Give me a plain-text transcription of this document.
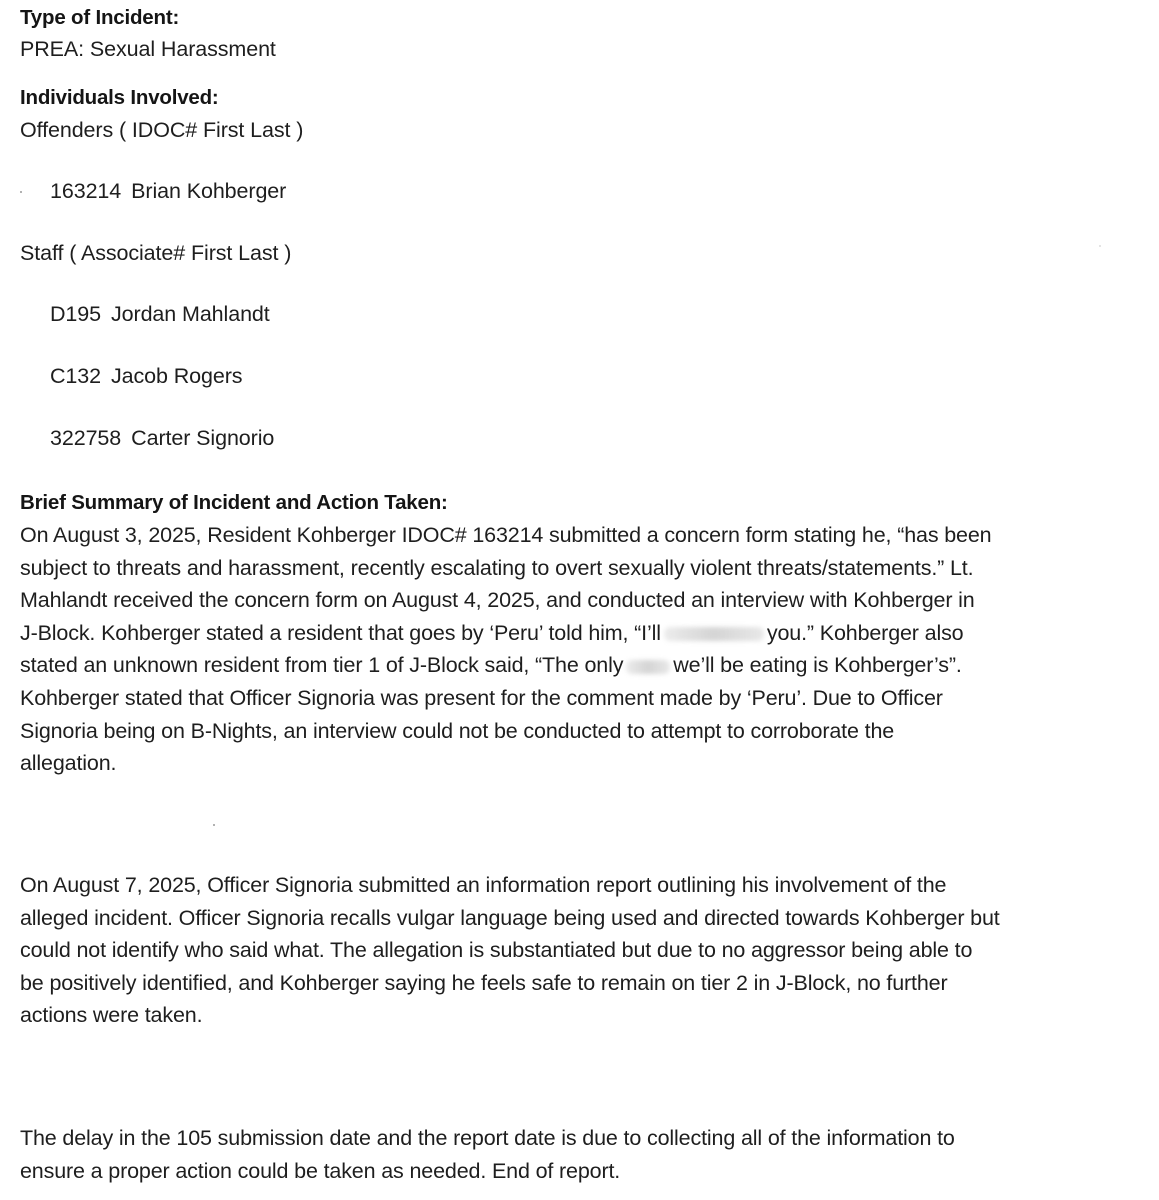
Type of Incident:
PREA: Sexual Harassment
Individuals Involved:
Offenders ( IDOC# First Last )
163214 Brian Kohberger
Staff ( Associate# First Last )
D195 Jordan Mahlandt
C132 Jacob Rogers
322758 Carter Signorio
Brief Summary of Incident and Action Taken:
On August 3, 2025, Resident Kohberger IDOC# 163214 submitted a concern form stating he, “has been
subject to threats and harassment, recently escalating to overt sexually violent threats/statements.” Lt.
Mahlandt received the concern form on August 4, 2025, and conducted an interview with Kohberger in
J-Block. Kohberger stated a resident that goes by ‘Peru’ told him, “I’ll	you.” Kohberger also
stated an unknown resident from tier 1 of J-Block said, “The only we’ll be eating is Kohberger’s”.
Kohberger stated that Officer Signoria was present for the comment made by ‘Peru’. Due to Officer
Signoria being on B-Nights, an interview could not be conducted to attempt to corroborate the
allegation.
On August 7, 2025, Officer Signoria submitted an information report outlining his involvement of the
alleged incident. Officer Signoria recalls vulgar language being used and directed towards Kohberger but
could not identify who said what. The allegation is substantiated but due to no aggressor being able to
be positively identified, and Kohberger saying he feels safe to remain on tier 2 in J-Block, no further
actions were taken.
The delay in the 105 submission date and the report date is due to collecting all of the information to
ensure a proper action could be taken as needed. End of report.
